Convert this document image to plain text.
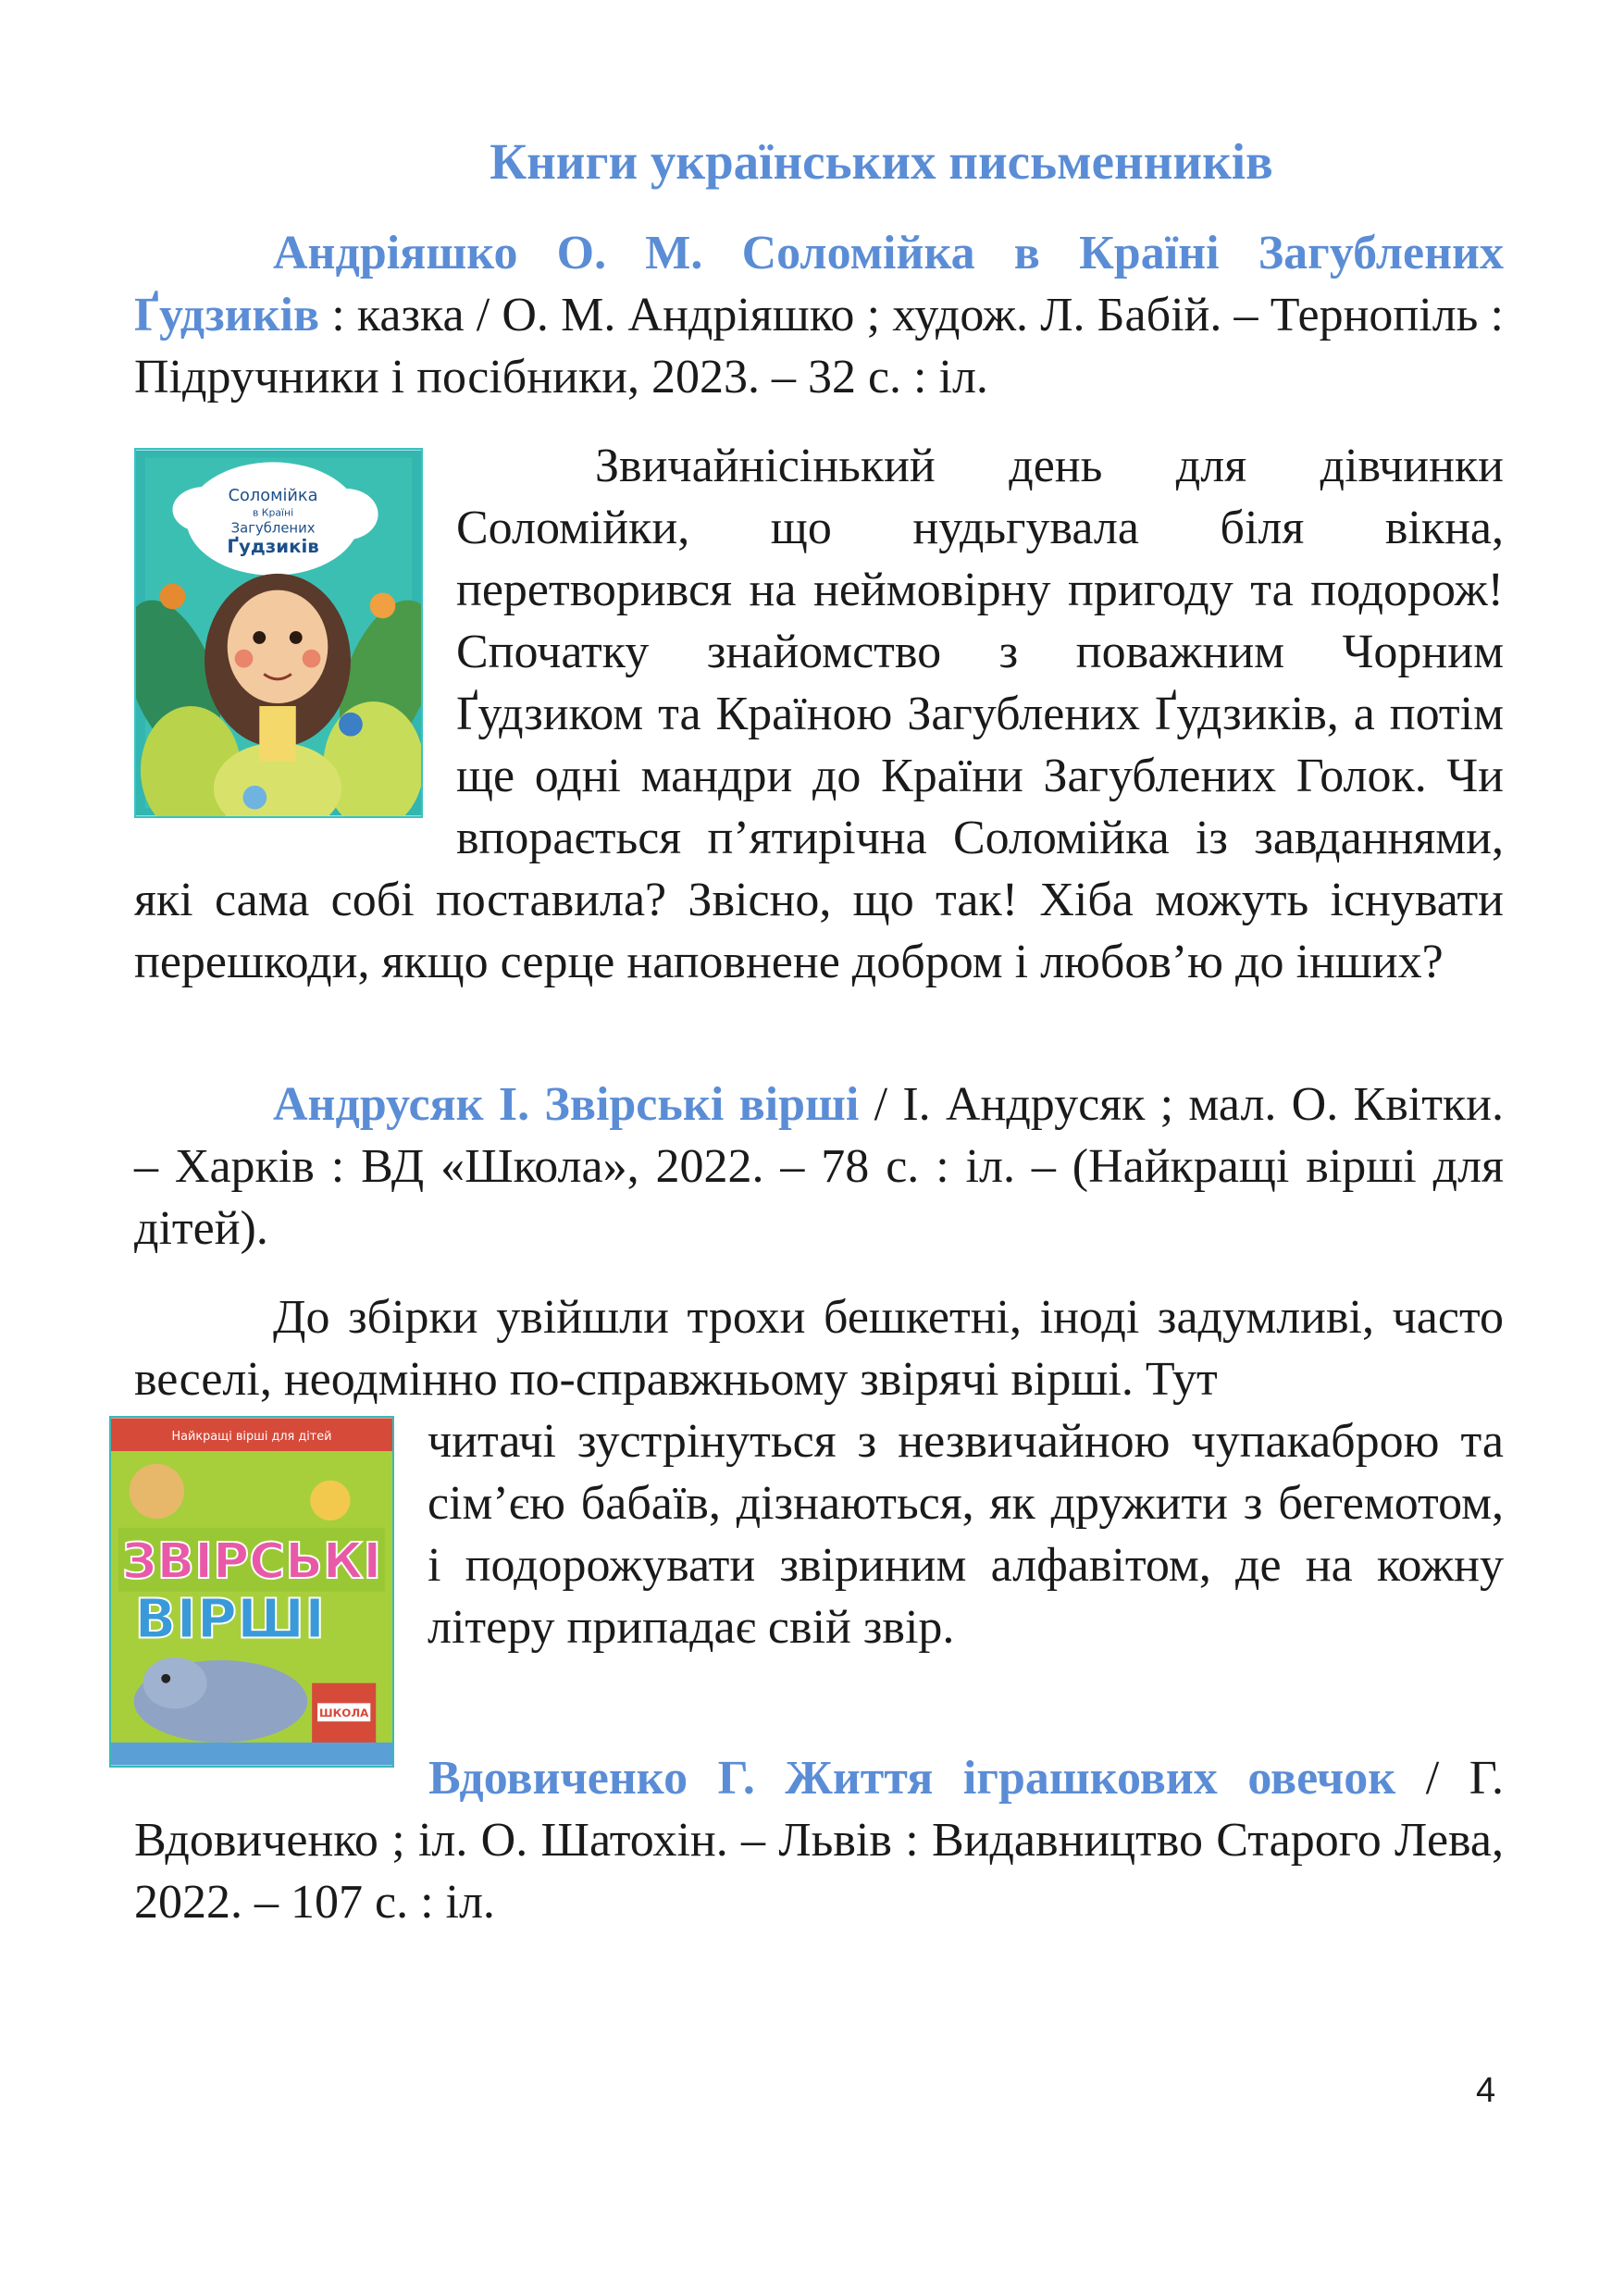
Книги українських письменників
Андріяшко О. М. Соломійка в Країні Загублених Ґудзиків : казка / О. М. Андріяшко ; худож. Л. Бабій. – Тернопіль : Підручники і посібники, 2023. – 32 с. : іл.
Соломійка
в Країні
Загублених
Ґудзиків
Звичайнісінький день для дівчинки Соломійки, що нудьгувала біля вікна, перетворився на неймовірну пригоду та подорож! Спочатку знайомство з поважним Чорним Ґудзиком та Країною Загублених Ґудзиків, а потім ще одні мандри до Країни Загублених Голок. Чи впорається п’ятирічна Соломійка із завданнями, які сама собі поставила? Звісно, що так! Хіба можуть існувати перешкоди, якщо серце наповнене добром і любов’ю до інших?
Андрусяк І. Звірські вірші / І. Андрусяк ; мал. О. Квітки. – Харків : ВД «Школа», 2022. – 78 с. : іл. – (Найкращі вірші для дітей).
До збірки увійшли трохи бешкетні, іноді задумливі, часто веселі, неодмінно по-справжньому звірячі вірші. Тут
Найкращі вірші для дітей
ЗВІРСЬКІ
ВІРШІ
ШКОЛА
читачі зустрінуться з незвичайною чупакаброю та сім’єю бабаїв, дізнаються, як дружити з бегемотом, і подорожувати звіриним алфавітом, де на кожну літеру припадає свій звір.
Вдовиченко Г. Життя іграшкових овечок / Г. Вдовиченко ; іл. О. Шатохін. – Львів : Видавництво Старого Лева, 2022. – 107 с. : іл.
4
